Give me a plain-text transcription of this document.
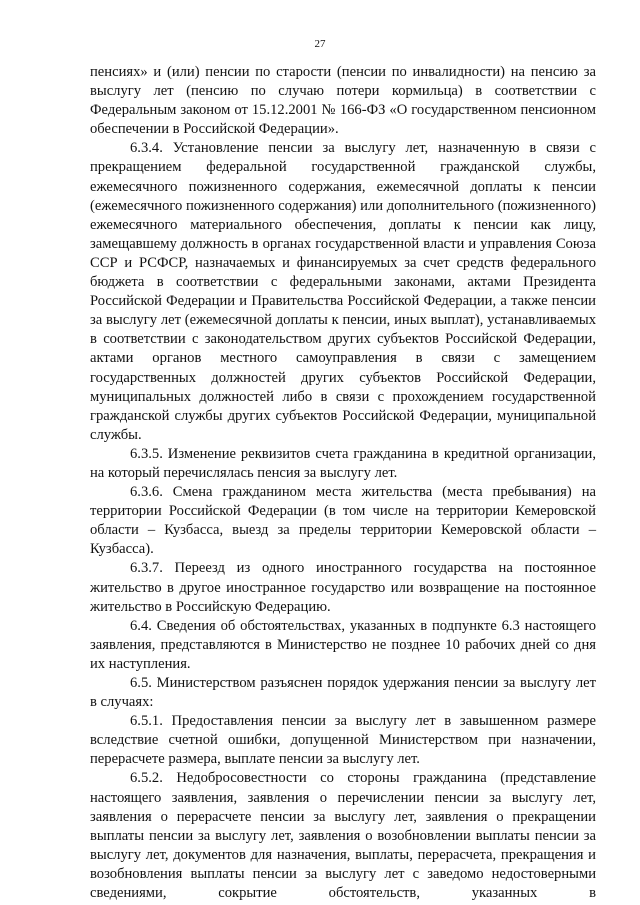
27

пенсиях» и (или) пенсии по старости (пенсии по инвалидности) на пенсию за выслугу лет (пенсию по случаю потери кормильца) в соответствии с Федеральным законом от 15.12.2001 № 166-ФЗ «О государственном пенсионном обеспечении в Российской Федерации».

6.3.4. Установление пенсии за выслугу лет, назначенную в связи с прекращением федеральной государственной гражданской службы, ежемесячного пожизненного содержания, ежемесячной доплаты к пенсии (ежемесячного пожизненного содержания) или дополнительного (пожизненного) ежемесячного материального обеспечения, доплаты к пенсии как лицу, замещавшему должность в органах государственной власти и управления Союза ССР и РСФСР, назначаемых и финансируемых за счет средств федерального бюджета в соответствии с федеральными законами, актами Президента Российской Федерации и Правительства Российской Федерации, а также пенсии за выслугу лет (ежемесячной доплаты к пенсии, иных выплат), устанавливаемых в соответствии с законодательством других субъектов Российской Федерации, актами органов местного самоуправления в связи с замещением государственных должностей других субъектов Российской Федерации, муниципальных должностей либо в связи с прохождением государственной гражданской службы других субъектов Российской Федерации, муниципальной службы.

6.3.5. Изменение реквизитов счета гражданина в кредитной организации, на который перечислялась пенсия за выслугу лет.

6.3.6. Смена гражданином места жительства (места пребывания) на территории Российской Федерации (в том числе на территории Кемеровской области – Кузбасса, выезд за пределы территории Кемеровской области – Кузбасса).

6.3.7. Переезд из одного иностранного государства на постоянное жительство в другое иностранное государство или возвращение на постоянное жительство в Российскую Федерацию.

6.4. Сведения об обстоятельствах, указанных в подпункте 6.3 настоящего заявления, представляются в Министерство не позднее 10 рабочих дней со дня их наступления.

6.5. Министерством разъяснен порядок удержания пенсии за выслугу лет в случаях:

6.5.1. Предоставления пенсии за выслугу лет в завышенном размере вследствие счетной ошибки, допущенной Министерством при назначении, перерасчете размера, выплате пенсии за выслугу лет.

6.5.2. Недобросовестности со стороны гражданина (представление настоящего заявления, заявления о перечислении пенсии за выслугу лет, заявления о перерасчете пенсии за выслугу лет, заявления о прекращении выплаты пенсии за выслугу лет, заявления о возобновлении выплаты пенсии за выслугу лет, документов для назначения, выплаты, перерасчета, прекращения и возобновления выплаты пенсии за выслугу лет с заведомо недостоверными сведениями, сокрытие обстоятельств, указанных в
